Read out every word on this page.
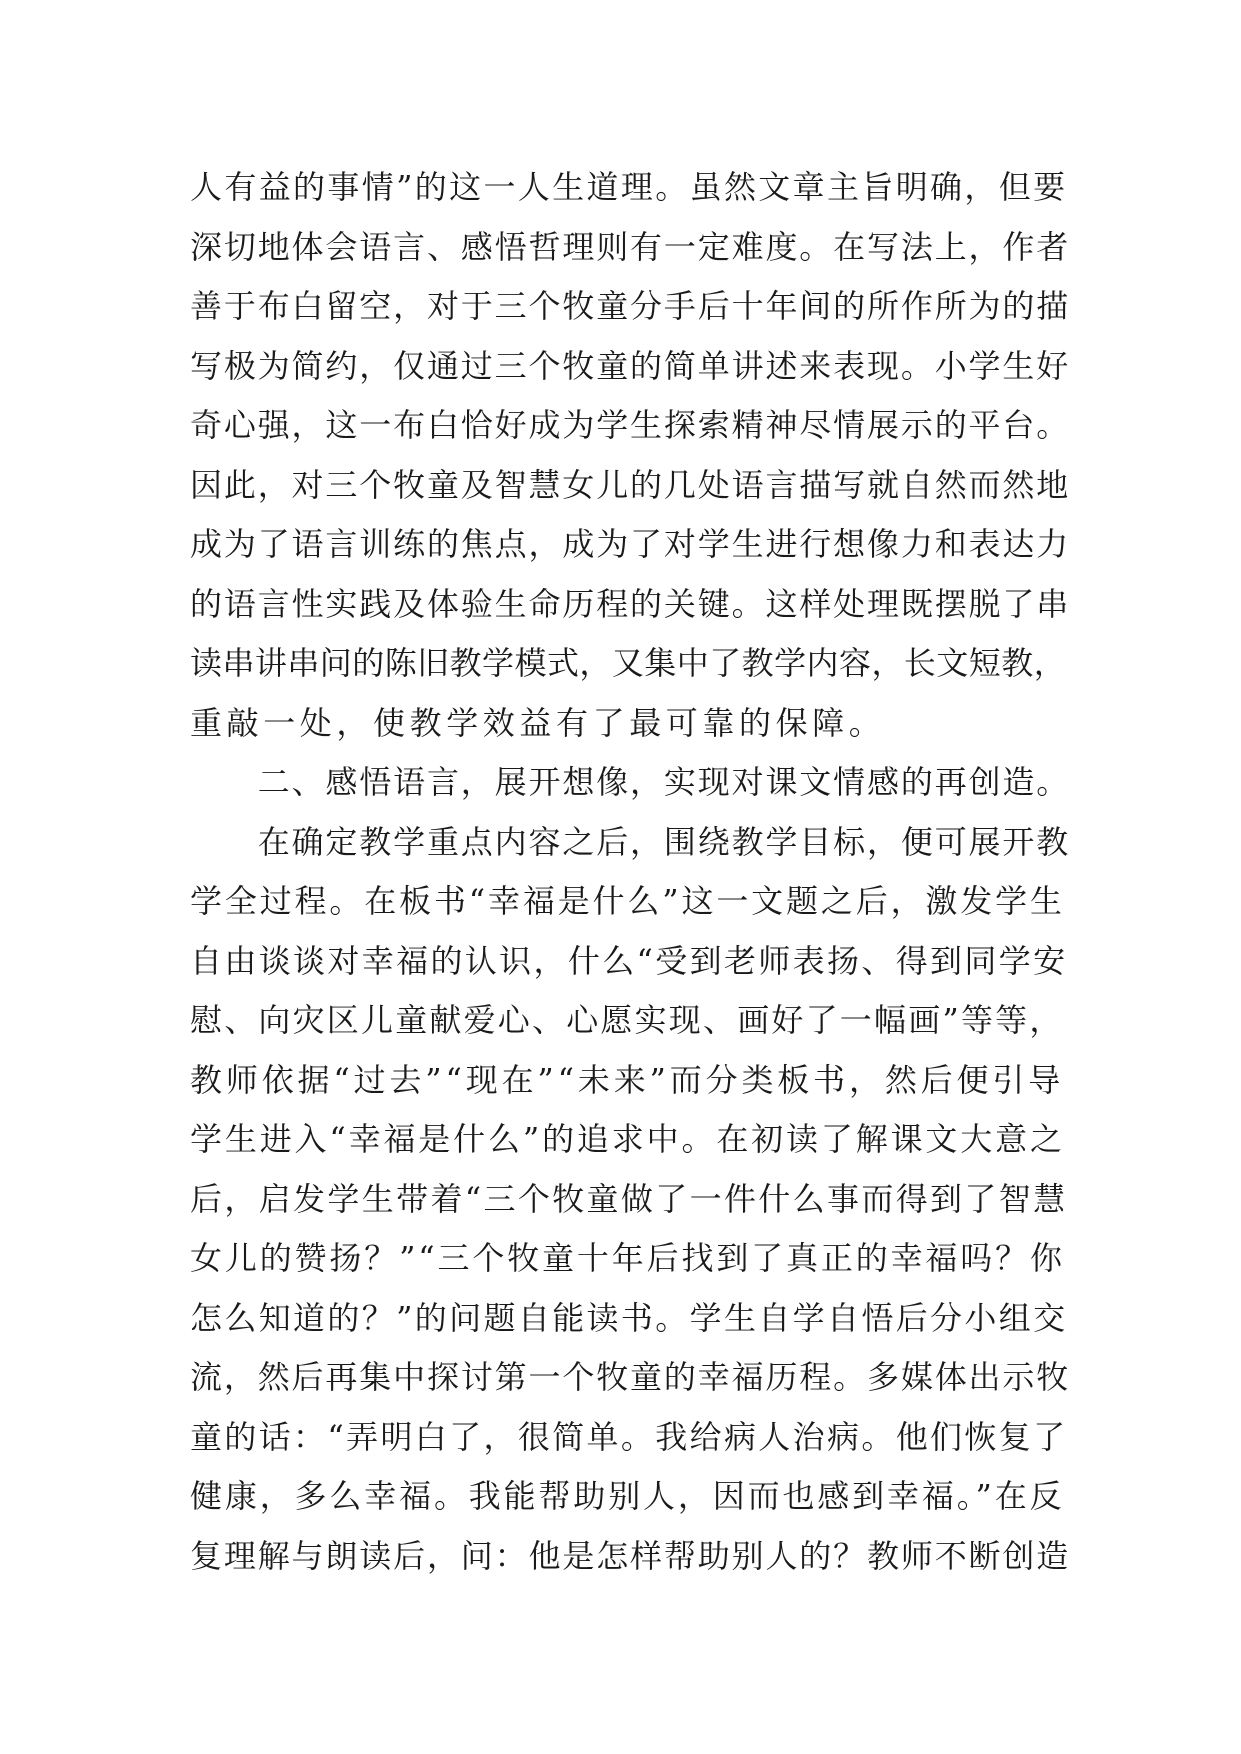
人有益的事情”的这一人生道理。虽然文章主旨明确，但要
深切地体会语言、感悟哲理则有一定难度。在写法上，作者
善于布白留空，对于三个牧童分手后十年间的所作所为的描
写极为简约，仅通过三个牧童的简单讲述来表现。小学生好
奇心强，这一布白恰好成为学生探索精神尽情展示的平台。
因此，对三个牧童及智慧女儿的几处语言描写就自然而然地
成为了语言训练的焦点，成为了对学生进行想像力和表达力
的语言性实践及体验生命历程的关键。这样处理既摆脱了串
读串讲串问的陈旧教学模式，又集中了教学内容，长文短教，
重敲一处，使教学效益有了最可靠的保障。
　　二、感悟语言，展开想像，实现对课文情感的再创造。
　　在确定教学重点内容之后，围绕教学目标，便可展开教
学全过程。在板书“幸福是什么”这一文题之后，激发学生
自由谈谈对幸福的认识，什么“受到老师表扬、得到同学安
慰、向灾区儿童献爱心、心愿实现、画好了一幅画”等等，
教师依据“过去”“现在”“未来”而分类板书，然后便引导
学生进入“幸福是什么”的追求中。在初读了解课文大意之
后，启发学生带着“三个牧童做了一件什么事而得到了智慧
女儿的赞扬？”“三个牧童十年后找到了真正的幸福吗？你
怎么知道的？”的问题自能读书。学生自学自悟后分小组交
流，然后再集中探讨第一个牧童的幸福历程。多媒体出示牧
童的话：“弄明白了，很简单。我给病人治病。他们恢复了
健康，多么幸福。我能帮助别人，因而也感到幸福。”在反
复理解与朗读后，问：他是怎样帮助别人的？教师不断创造
